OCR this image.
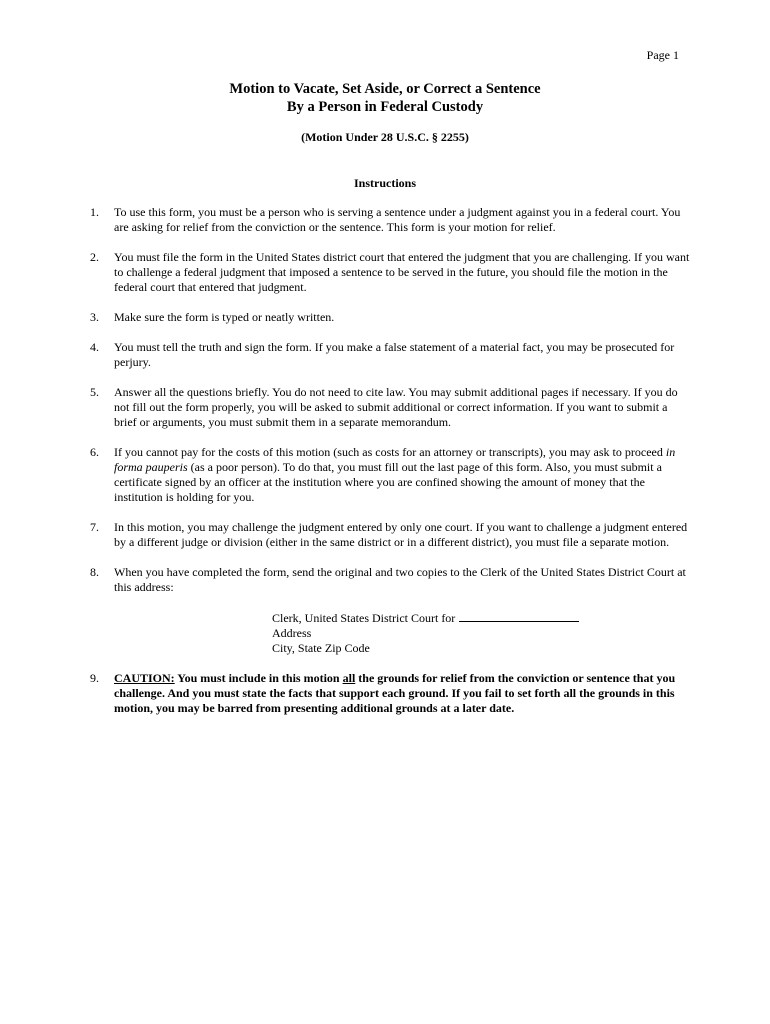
Page 1
Motion to Vacate, Set Aside, or Correct a Sentence
By a Person in Federal Custody
(Motion Under 28 U.S.C. § 2255)
Instructions
1. To use this form, you must be a person who is serving a sentence under a judgment against you in a federal court. You are asking for relief from the conviction or the sentence. This form is your motion for relief.
2. You must file the form in the United States district court that entered the judgment that you are challenging. If you want to challenge a federal judgment that imposed a sentence to be served in the future, you should file the motion in the federal court that entered that judgment.
3. Make sure the form is typed or neatly written.
4. You must tell the truth and sign the form. If you make a false statement of a material fact, you may be prosecuted for perjury.
5. Answer all the questions briefly. You do not need to cite law. You may submit additional pages if necessary. If you do not fill out the form properly, you will be asked to submit additional or correct information. If you want to submit a brief or arguments, you must submit them in a separate memorandum.
6. If you cannot pay for the costs of this motion (such as costs for an attorney or transcripts), you may ask to proceed in forma pauperis (as a poor person). To do that, you must fill out the last page of this form. Also, you must submit a certificate signed by an officer at the institution where you are confined showing the amount of money that the institution is holding for you.
7. In this motion, you may challenge the judgment entered by only one court. If you want to challenge a judgment entered by a different judge or division (either in the same district or in a different district), you must file a separate motion.
8. When you have completed the form, send the original and two copies to the Clerk of the United States District Court at this address:
Clerk, United States District Court for
Address
City, State Zip Code
9. CAUTION: You must include in this motion all the grounds for relief from the conviction or sentence that you challenge. And you must state the facts that support each ground. If you fail to set forth all the grounds in this motion, you may be barred from presenting additional grounds at a later date.
